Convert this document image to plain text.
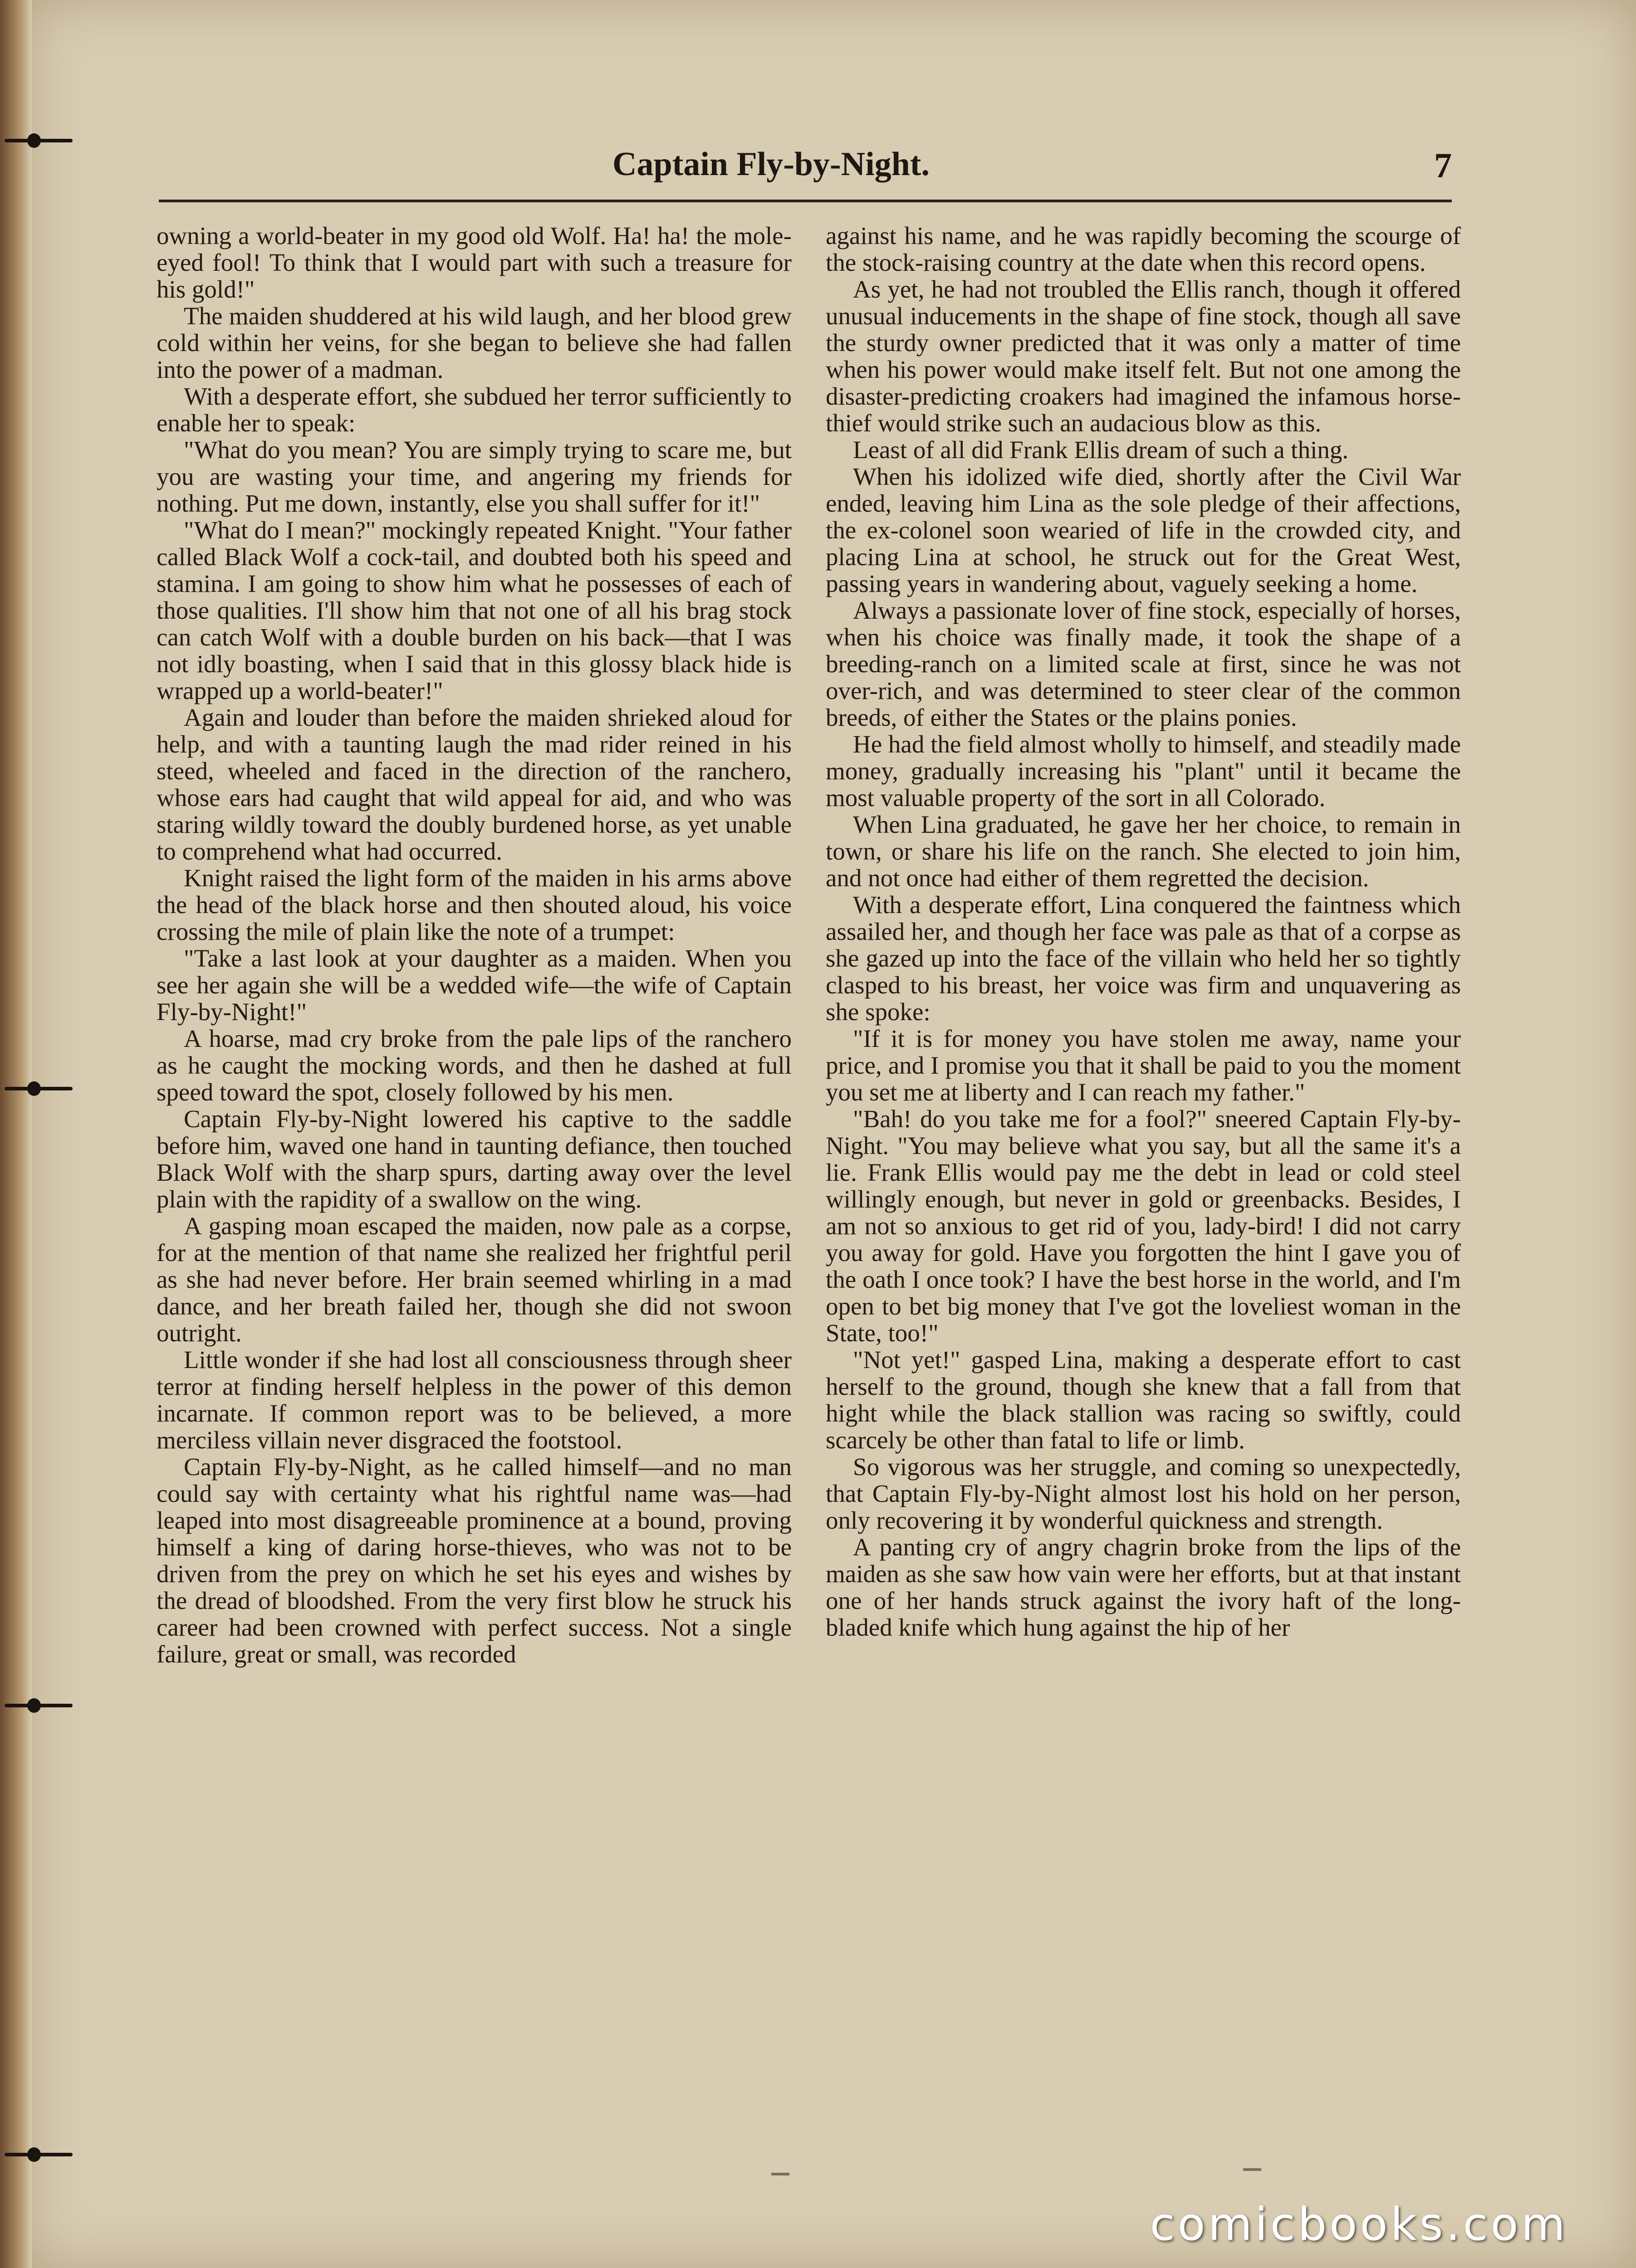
Captain Fly-by-Night.	7

owning a world-beater in my good old Wolf. Ha! ha! the mole-eyed fool! To think that I would part with such a treasure for his gold!"

The maiden shuddered at his wild laugh, and her blood grew cold within her veins, for she began to believe she had fallen into the power of a madman.

With a desperate effort, she subdued her terror sufficiently to enable her to speak:

"What do you mean? You are simply trying to scare me, but you are wasting your time, and angering my friends for nothing. Put me down, instantly, else you shall suffer for it!"

"What do I mean?" mockingly repeated Knight. "Your father called Black Wolf a cock-tail, and doubted both his speed and stamina. I am going to show him what he possesses of each of those qualities. I'll show him that not one of all his brag stock can catch Wolf with a double burden on his back—that I was not idly boasting, when I said that in this glossy black hide is wrapped up a world-beater!"

Again and louder than before the maiden shrieked aloud for help, and with a taunting laugh the mad rider reined in his steed, wheeled and faced in the direction of the ranchero, whose ears had caught that wild appeal for aid, and who was staring wildly toward the doubly burdened horse, as yet unable to comprehend what had occurred.

Knight raised the light form of the maiden in his arms above the head of the black horse and then shouted aloud, his voice crossing the mile of plain like the note of a trumpet:

"Take a last look at your daughter as a maiden. When you see her again she will be a wedded wife—the wife of Captain Fly-by-Night!"

A hoarse, mad cry broke from the pale lips of the ranchero as he caught the mocking words, and then he dashed at full speed toward the spot, closely followed by his men.

Captain Fly-by-Night lowered his captive to the saddle before him, waved one hand in taunting defiance, then touched Black Wolf with the sharp spurs, darting away over the level plain with the rapidity of a swallow on the wing.

A gasping moan escaped the maiden, now pale as a corpse, for at the mention of that name she realized her frightful peril as she had never before. Her brain seemed whirling in a mad dance, and her breath failed her, though she did not swoon outright.

Little wonder if she had lost all consciousness through sheer terror at finding herself helpless in the power of this demon incarnate. If common report was to be believed, a more merciless villain never disgraced the footstool.

Captain Fly-by-Night, as he called himself—and no man could say with certainty what his rightful name was—had leaped into most disagreeable prominence at a bound, proving himself a king of daring horse-thieves, who was not to be driven from the prey on which he set his eyes and wishes by the dread of bloodshed. From the very first blow he struck his career had been crowned with perfect success. Not a single failure, great or small, was recorded

against his name, and he was rapidly becoming the scourge of the stock-raising country at the date when this record opens.

As yet, he had not troubled the Ellis ranch, though it offered unusual inducements in the shape of fine stock, though all save the sturdy owner predicted that it was only a matter of time when his power would make itself felt. But not one among the disaster-predicting croakers had imagined the infamous horse-thief would strike such an audacious blow as this.

Least of all did Frank Ellis dream of such a thing.

When his idolized wife died, shortly after the Civil War ended, leaving him Lina as the sole pledge of their affections, the ex-colonel soon wearied of life in the crowded city, and placing Lina at school, he struck out for the Great West, passing years in wandering about, vaguely seeking a home.

Always a passionate lover of fine stock, especially of horses, when his choice was finally made, it took the shape of a breeding-ranch on a limited scale at first, since he was not over-rich, and was determined to steer clear of the common breeds, of either the States or the plains ponies.

He had the field almost wholly to himself, and steadily made money, gradually increasing his "plant" until it became the most valuable property of the sort in all Colorado.

When Lina graduated, he gave her her choice, to remain in town, or share his life on the ranch. She elected to join him, and not once had either of them regretted the decision.

With a desperate effort, Lina conquered the faintness which assailed her, and though her face was pale as that of a corpse as she gazed up into the face of the villain who held her so tightly clasped to his breast, her voice was firm and unquavering as she spoke:

"If it is for money you have stolen me away, name your price, and I promise you that it shall be paid to you the moment you set me at liberty and I can reach my father."

"Bah! do you take me for a fool?" sneered Captain Fly-by-Night. "You may believe what you say, but all the same it's a lie. Frank Ellis would pay me the debt in lead or cold steel willingly enough, but never in gold or greenbacks. Besides, I am not so anxious to get rid of you, lady-bird! I did not carry you away for gold. Have you forgotten the hint I gave you of the oath I once took? I have the best horse in the world, and I'm open to bet big money that I've got the loveliest woman in the State, too!"

"Not yet!" gasped Lina, making a desperate effort to cast herself to the ground, though she knew that a fall from that hight while the black stallion was racing so swiftly, could scarcely be other than fatal to life or limb.

So vigorous was her struggle, and coming so unexpectedly, that Captain Fly-by-Night almost lost his hold on her person, only recovering it by wonderful quickness and strength.

A panting cry of angry chagrin broke from the lips of the maiden as she saw how vain were her efforts, but at that instant one of her hands struck against the ivory haft of the long-bladed knife which hung against the hip of her

comicbooks.com
